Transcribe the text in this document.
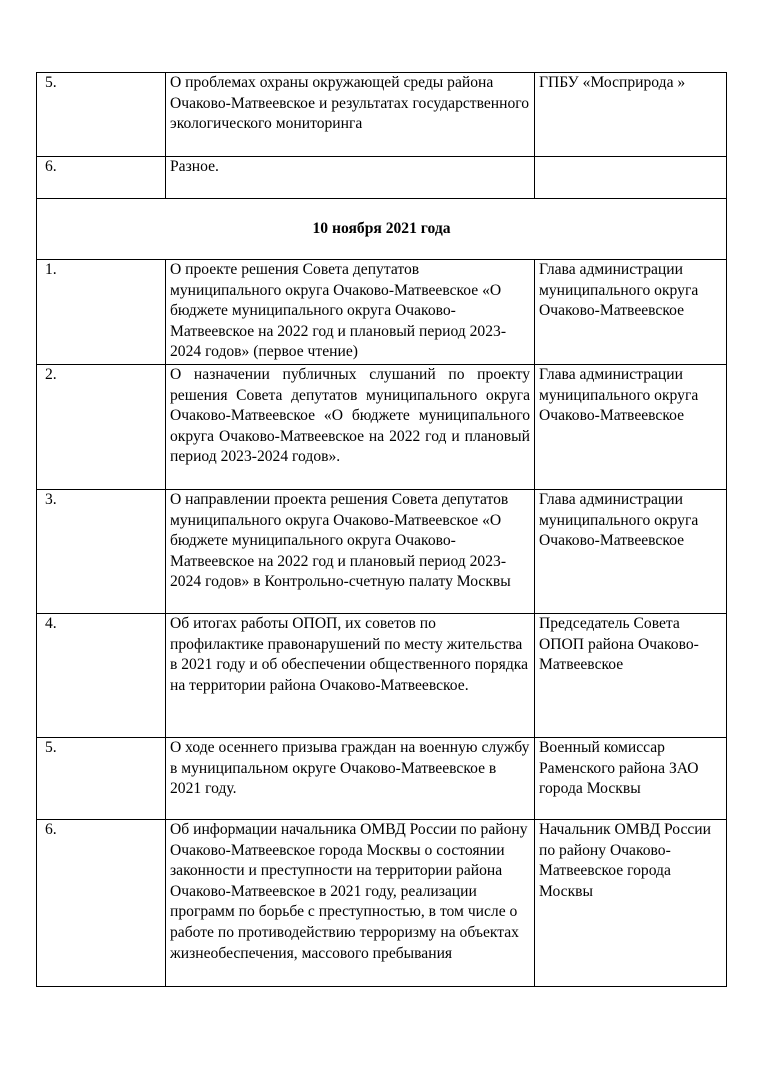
5.	О проблемах охраны окружающей среды района Очаково-Матвеевское и результатах государственного экологического мониторинга	ГПБУ «Мосприрода »
6.	Разное.	
10 ноября 2021 года		
1.	О проекте решения Совета депутатов муниципального округа Очаково-Матвеевское «О бюджете муниципального округа Очаково-Матвеевское на 2022 год и плановый период 2023-2024 годов» (первое чтение)	Глава администрации муниципального округа Очаково-Матвеевское
2.	О назначении публичных слушаний по проекту решения Совета депутатов муниципального округа Очаково-Матвеевское «О бюджете муниципального округа Очаково-Матвеевское на 2022 год и плановый период 2023-2024 годов».	Глава администрации муниципального округа Очаково-Матвеевское
3.	О направлении проекта решения Совета депутатов муниципального округа Очаково-Матвеевское «О бюджете муниципального округа Очаково-Матвеевское на 2022 год и плановый период 2023-2024 годов» в Контрольно-счетную палату Москвы	Глава администрации муниципального округа Очаково-Матвеевское
4.	Об итогах работы ОПОП, их советов по профилактике правонарушений по месту жительства в 2021 году и об обеспечении общественного порядка на территории района Очаково-Матвеевское.	Председатель Совета ОПОП района Очаково-Матвеевское
5.	О ходе осеннего призыва граждан на военную службу в муниципальном округе Очаково-Матвеевское в 2021 году.	Военный комиссар Раменского района ЗАО города Москвы
6.	Об информации начальника ОМВД России по району Очаково-Матвеевское города Москвы о состоянии законности и преступности на территории района Очаково-Матвеевское в 2021 году, реализации программ по борьбе с преступностью, в том числе о работе по противодействию терроризму на объектах жизнеобеспечения, массового пребывания	Начальник ОМВД России по району Очаково-Матвеевское города Москвы
